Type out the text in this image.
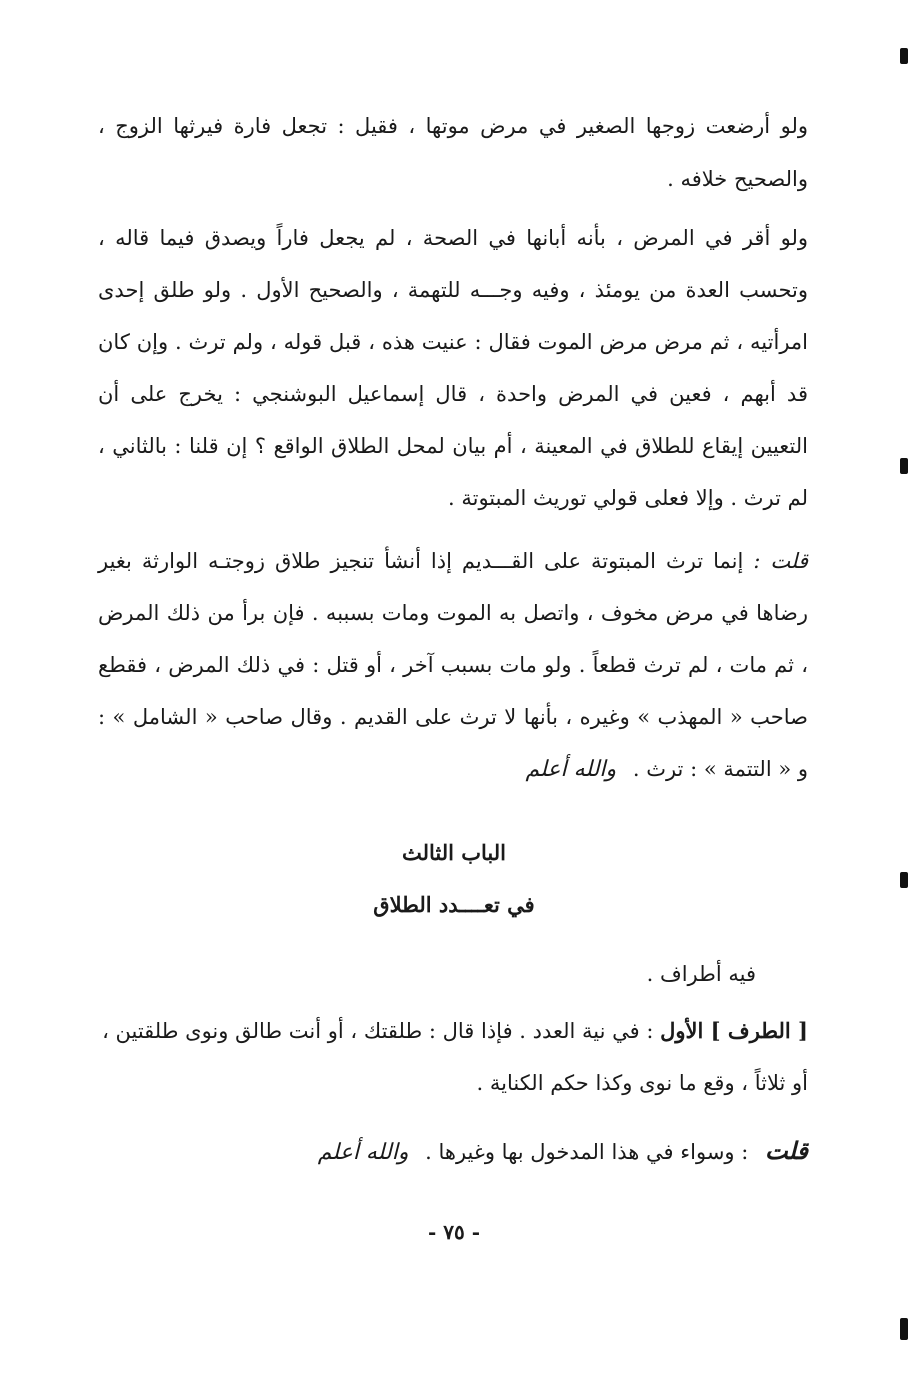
ولو أرضعت زوجها الصغير في مرض موتها ، فقيل : تجعل فارة فيرثها الزوج ، والصحيح خلافه .

ولو أقر في المرض ، بأنه أبانها في الصحة ، لم يجعل فاراً ويصدق فيما قاله ، وتحسب العدة من يومئذ ، وفيه وجـــه للتهمة ، والصحيح الأول . ولو طلق إحدى امرأتيه ، ثم مرض مرض الموت فقال : عنيت هذه ، قبل قوله ، ولم ترث . وإن كان قد أبهم ، فعين في المرض واحدة ، قال إسماعيل البوشنجي : يخرج على أن التعيين إيقاع للطلاق في المعينة ، أم بيان لمحل الطلاق الواقع ؟ إن قلنا : بالثاني ، لم ترث . وإلا فعلى قولي توريث المبتوتة .

قلت : إنما ترث المبتوتة على القـــديم إذا أنشأ تنجيز طلاق زوجتـه الوارثة بغير رضاها في مرض مخوف ، واتصل به الموت ومات بسببه . فإن برأ من ذلك المرض ، ثم مات ، لم ترث قطعاً . ولو مات بسبب آخر ، أو قتل : في ذلك المرض ، فقطع صاحب « المهذب » وغيره ، بأنها لا ترث على القديم . وقال صاحب « الشامل » : و « التتمة » : ترث . والله أعلم

الباب الثالث
في تعــــدد الطلاق
فيه أطراف .

[ الطرف ] الأول : في نية العدد . فإذا قال : طلقتك ، أو أنت طالق ونوى طلقتين ، أو ثلاثاً ، وقع ما نوى وكذا حكم الكناية .

قلت : وسواء في هذا المدخول بها وغيرها . والله أعلم

- ٧٥ -
